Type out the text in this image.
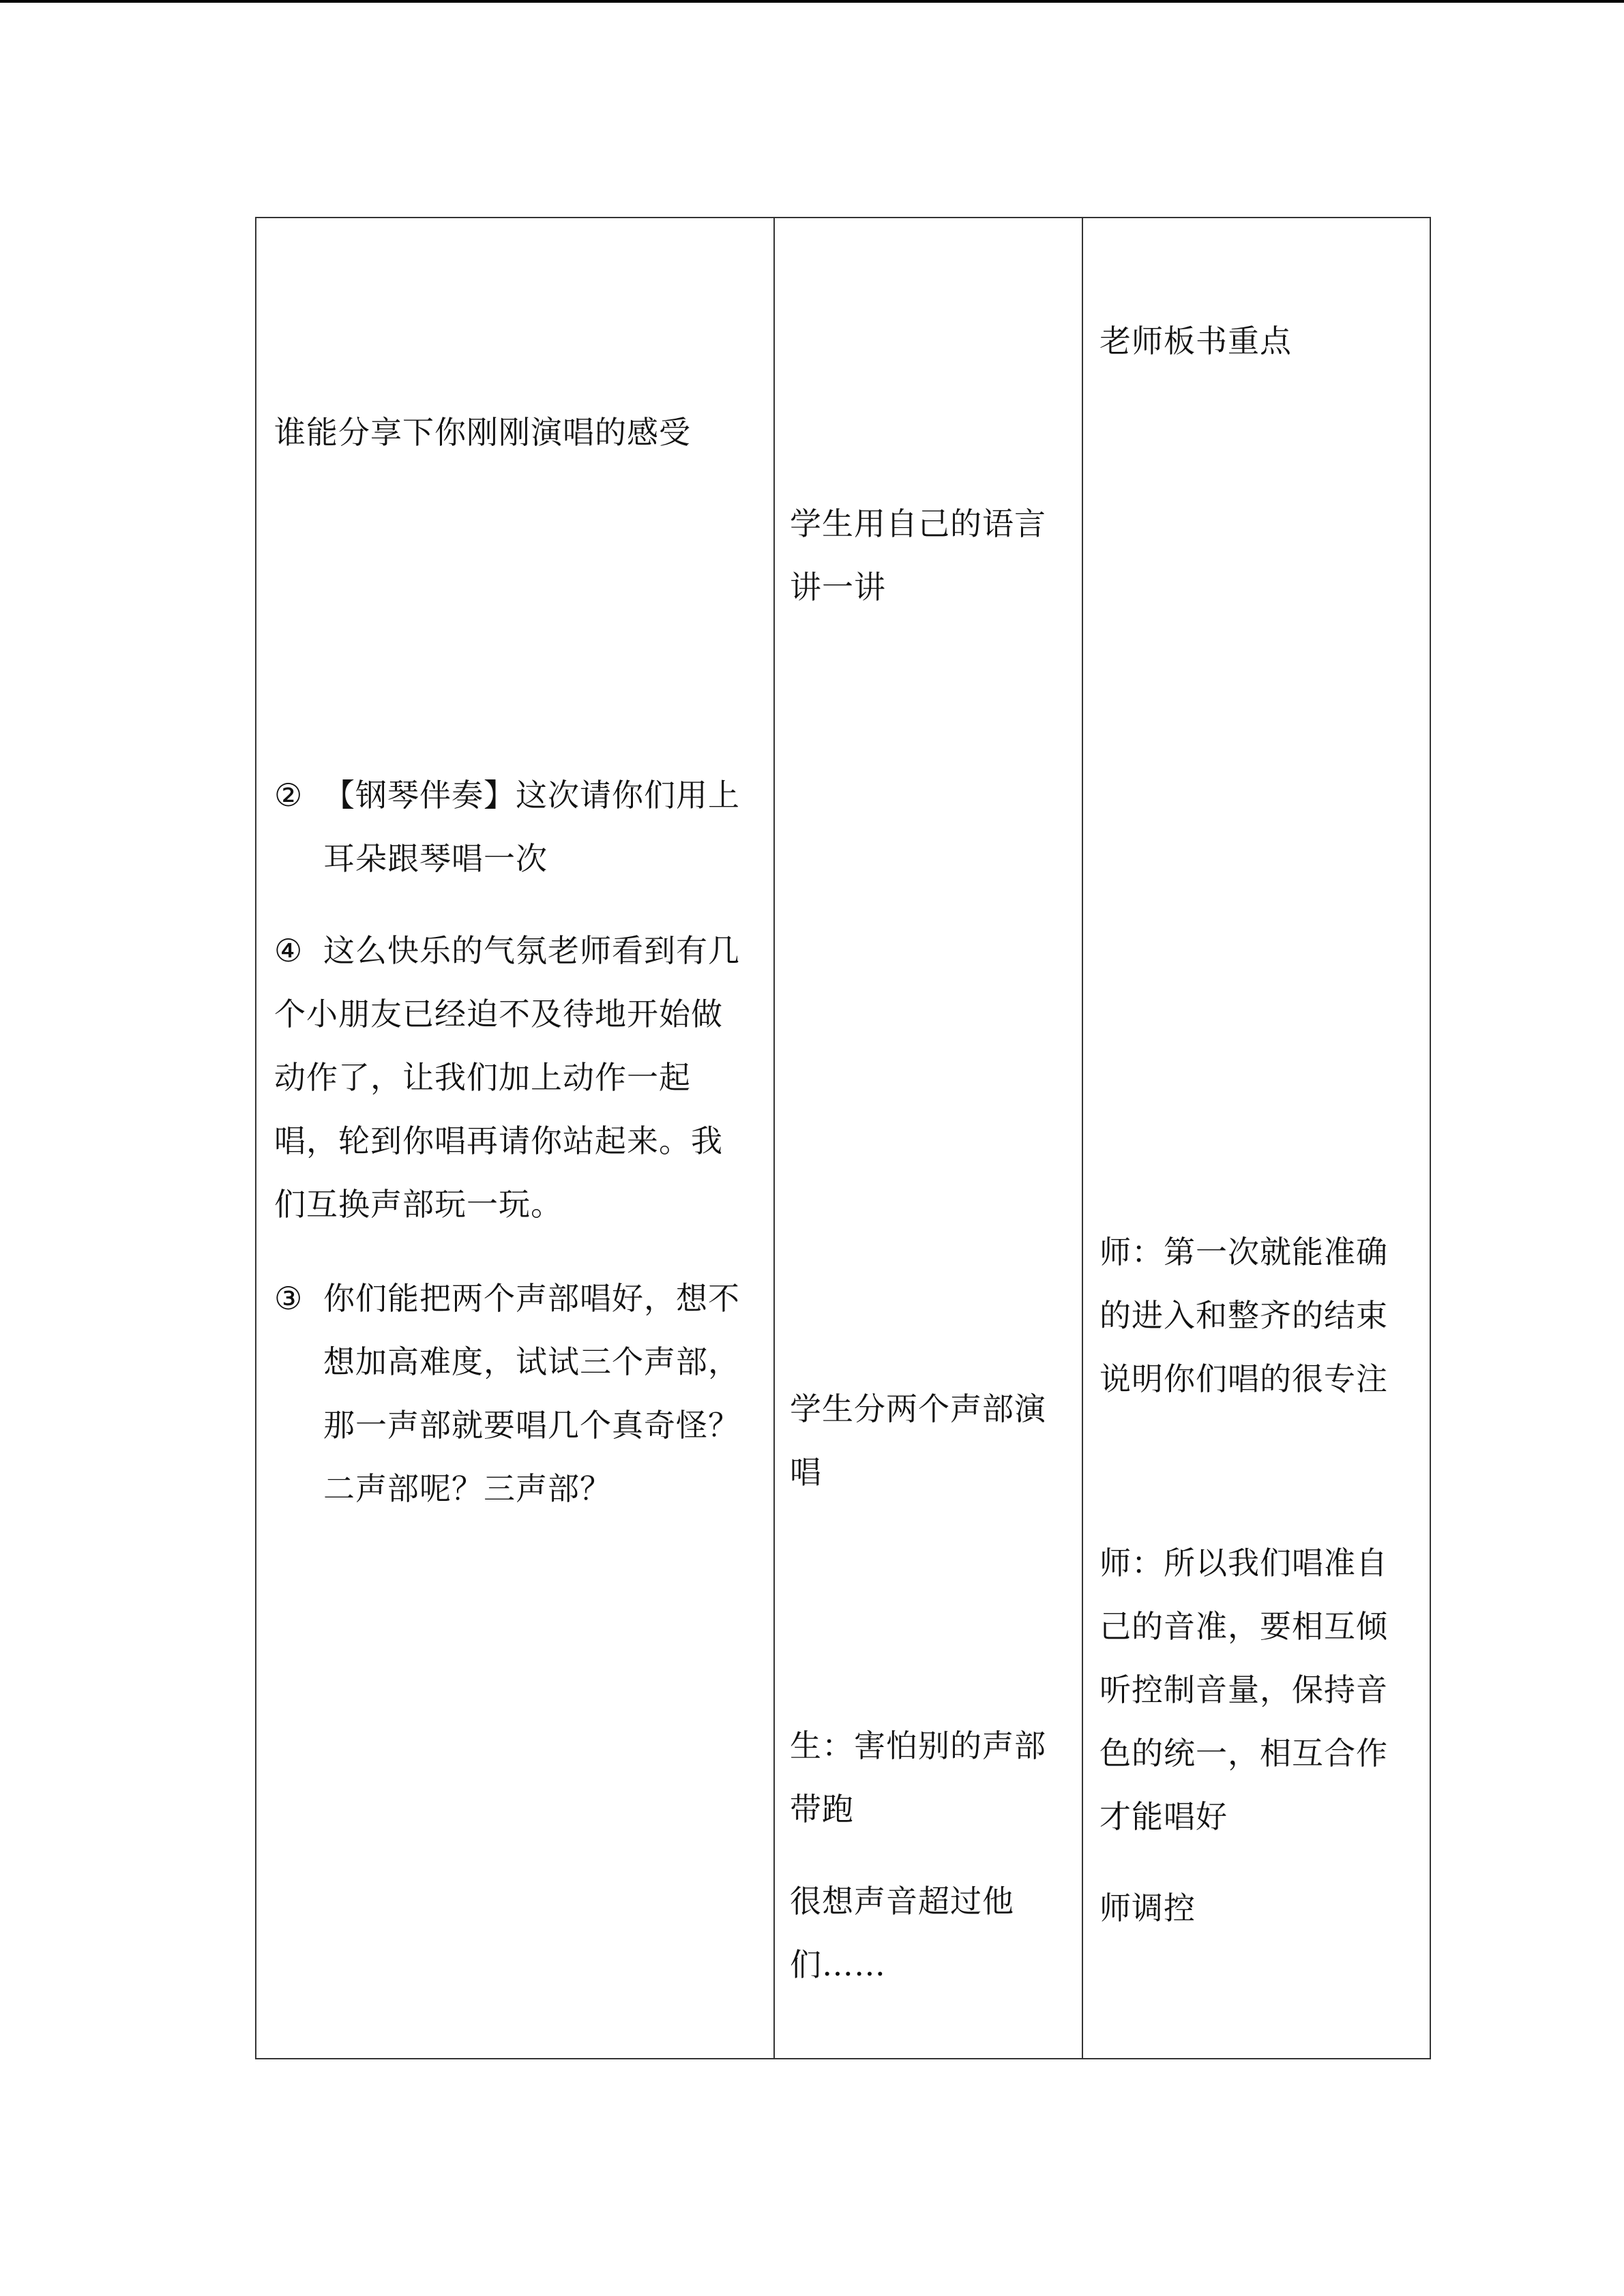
谁能分享下你刚刚演唱的感受
② 【钢琴伴奏】这次请你们用上
耳朵跟琴唱一次
④ 这么快乐的气氛老师看到有几
个小朋友已经迫不及待地开始做
动作了，让我们加上动作一起
唱，轮到你唱再请你站起来。我
们互换声部玩一玩。
③ 你们能把两个声部唱好，想不
想加高难度，试试三个声部，
那一声部就要唱几个真奇怪？
二声部呢？三声部？
学生用自己的语言
讲一讲
学生分两个声部演
唱
生：害怕别的声部
带跑
很想声音超过他
们……
老师板书重点
师：第一次就能准确
的进入和整齐的结束
说明你们唱的很专注
师：所以我们唱准自
己的音准，要相互倾
听控制音量，保持音
色的统一，相互合作
才能唱好
师调控
